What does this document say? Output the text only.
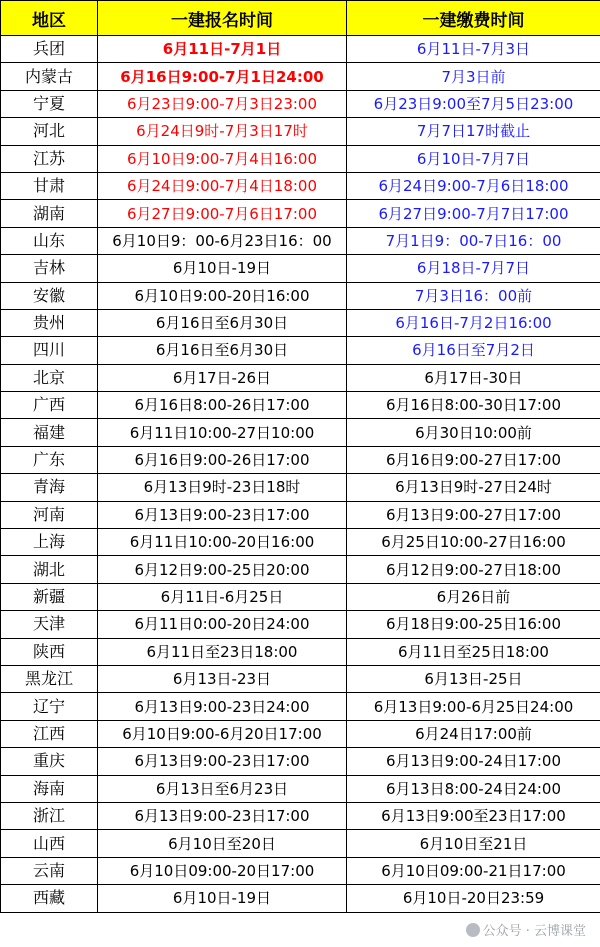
地区	一建报名时间	一建缴费时间
兵团	6月11日-7月1日	6月11日-7月3日
内蒙古	6月16日9:00-7月1日24:00	7月3日前
宁夏	6月23日9:00-7月3日23:00	6月23日9:00至7月5日23:00
河北	6月24日9时-7月3日17时	7月7日17时截止
江苏	6月10日9:00-7月4日16:00	6月10日-7月7日
甘肃	6月24日9:00-7月4日18:00	6月24日9:00-7月6日18:00
湖南	6月27日9:00-7月6日17:00	6月27日9:00-7月7日17:00
山东	6月10日9：00-6月23日16：00	7月1日9：00-7日16：00
吉林	6月10日-19日	6月18日-7月7日
安徽	6月10日9:00-20日16:00	7月3日16：00前
贵州	6月16日至6月30日	6月16日-7月2日16:00
四川	6月16日至6月30日	6月16日至7月2日
北京	6月17日-26日	6月17日-30日
广西	6月16日8:00-26日17:00	6月16日8:00-30日17:00
福建	6月11日10:00-27日10:00	6月30日10:00前
广东	6月16日9:00-26日17:00	6月16日9:00-27日17:00
青海	6月13日9时-23日18时	6月13日9时-27日24时
河南	6月13日9:00-23日17:00	6月13日9:00-27日17:00
上海	6月11日10:00-20日16:00	6月25日10:00-27日16:00
湖北	6月12日9:00-25日20:00	6月12日9:00-27日18:00
新疆	6月11日-6月25日	6月26日前
天津	6月11日0:00-20日24:00	6月18日9:00-25日16:00
陕西	6月11日至23日18:00	6月11日至25日18:00
黑龙江	6月13日-23日	6月13日-25日
辽宁	6月13日9:00-23日24:00	6月13日9:00-6月25日24:00
江西	6月10日9:00-6月20日17:00	6月24日17:00前
重庆	6月13日9:00-23日17:00	6月13日9:00-24日17:00
海南	6月13日至6月23日	6月13日8:00-24日24:00
浙江	6月13日9:00-23日17:00	6月13日9:00至23日17:00
山西	6月10日至20日	6月10日至21日
云南	6月10日09:00-20日17:00	6月10日09:00-21日17:00
西藏	6月10日-19日	6月10日-20日23:59
公众号 · 云博课堂
